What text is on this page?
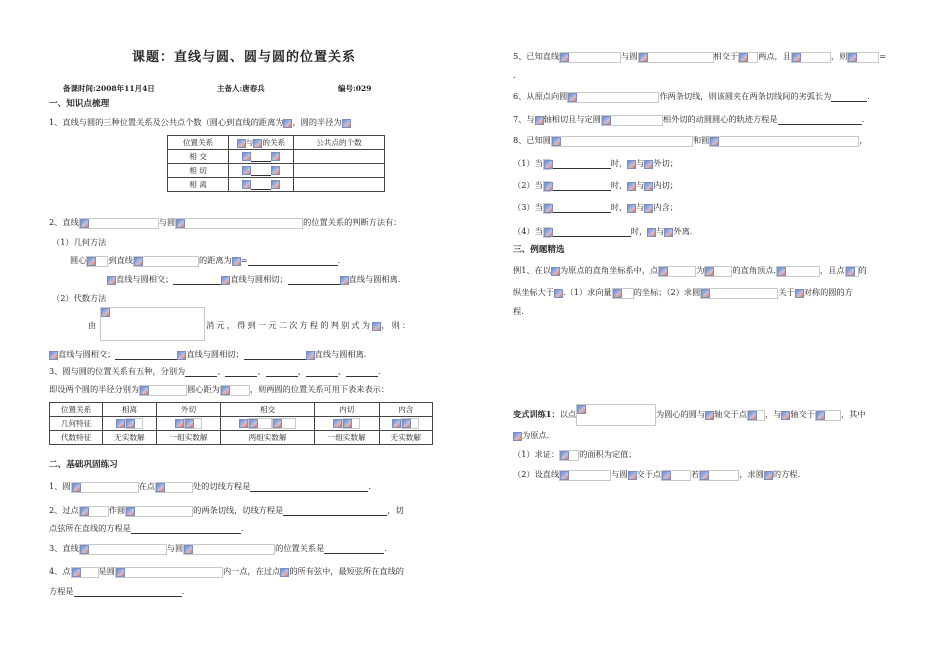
课题：直线与圆、圆与圆的位置关系
备课时间:2008年11月4日	主备人:唐春兵	编号:029
一、知识点梳理
1、直线与圆的三种位置关系及公共点个数（圆心到直线的距离为 ，圆的半径为
位置关系	与 的关系	公共点的个数
相 交		
相 切		
相 离		
2、直线	与圆	的位置关系的判断方法有：
（1）几何方法
圆心	到直线	的距离为 =	.
直线与圆相交；	直线与圆相切；	直线与圆相离.
（2）代数方法
由	消元，得到一元二次方程的判别式为 ，则：
直线与圆相交；	直线与圆相切；	直线与圆相离.
3、圆与圆的位置关系有五种，分别为	、	、	、	、	.
即设两个圆的半径分别为	圆心距为	，则两圆的位置关系可用下表来表示：
位置关系	相离	外切	相交	内切	内含
几何特征					
代数特征	无实数解	一组实数解	两组实数解	一组实数解	无实数解
二、基础巩固练习
1、圆	在点	处的切线方程是	.
2、过点	作圆	的两条切线，切线方程是	，切
点弦所在直线的方程是	.
3、直线	与圆	的位置关系是	.
4、点	是圆	内一点，在过点 的所有弦中，最短弦所在直线的
方程是	.
5、已知直线	与圆	相交于 两点，且	，则	=
.
6、从原点向圆	作两条切线，则该圆夹在两条切线间的劣弧长为	.
7、与 轴相切且与定圆	相外切的动圆圆心的轨迹方程是	.
8、已知圆	和圆	，
（1）当	时， 与 外切；
（2）当	时， 与 内切；
（3）当	时， 与 内含；
（4）当	时， 与 外离.
三、例题精选
例1、在以 为原点的直角坐标系中，点	为	的直角顶点.	，且点 的
纵坐标大于 .（1）求向量	的坐标；（2）求圆	关于 对称的圆的方
程.
变式训练1：以点	为圆心的圆与 轴交于点 ，与 轴交于	，其中
为原点.
（1）求证： 的面积为定值；
（2）设直线	与圆 交于点	若	，求圆 的方程.
